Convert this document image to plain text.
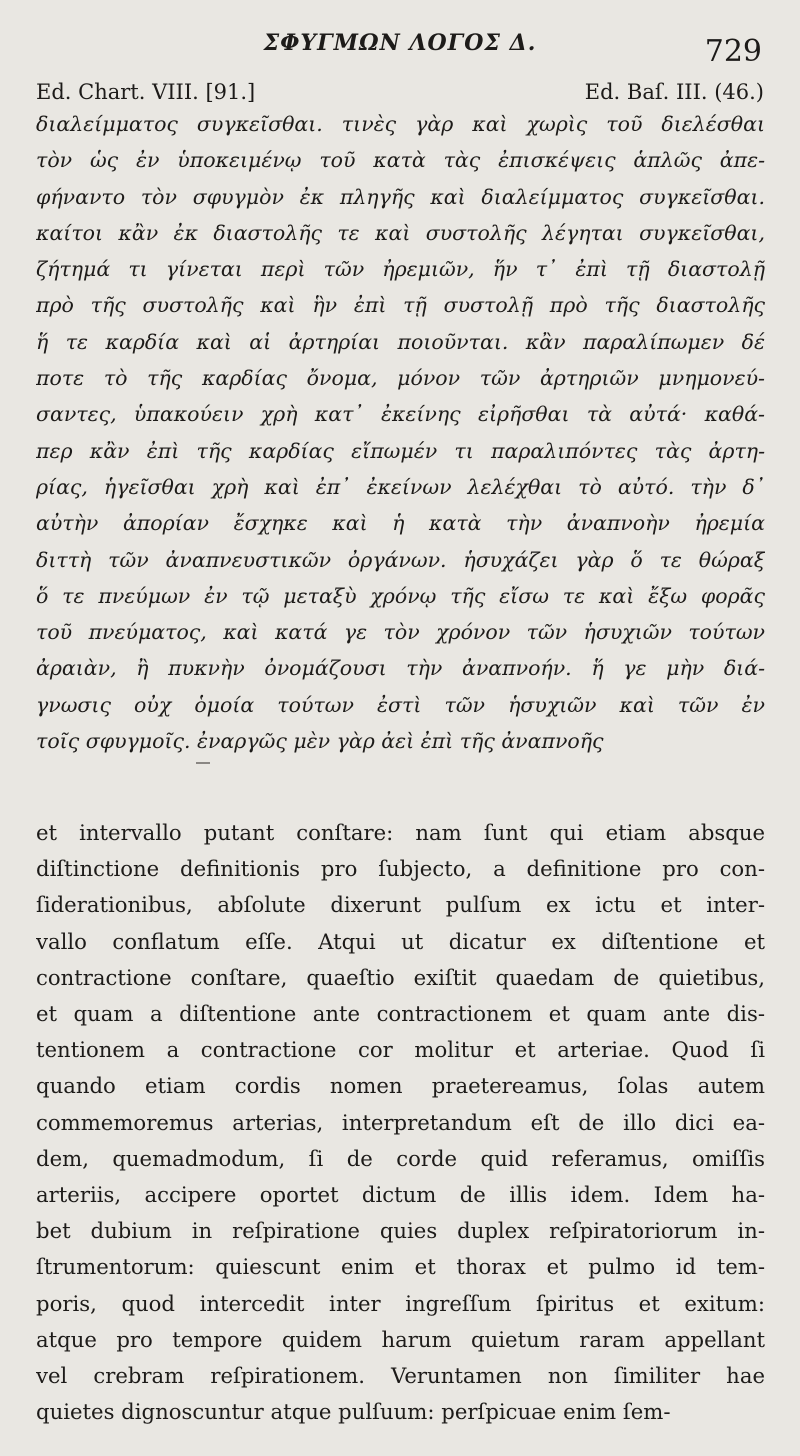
ΣΦΥΓΜΩΝ ΛΟΓΟΣ Δ.	729
Ed. Chart. VIII. [91.]	Ed. Baſ. III. (46.)
διαλείμματος συγκεῖσθαι. τινὲς γὰρ καὶ χωρὶς τοῦ διελέσθαι
τὸν ὡς ἐν ὑποκειμένῳ τοῦ κατὰ τὰς ἐπισκέψεις ἁπλῶς ἀπε-
φήναντο τὸν σφυγμὸν ἐκ πληγῆς καὶ διαλείμματος συγκεῖσθαι.
καίτοι κἂν ἐκ διαστολῆς τε καὶ συστολῆς λέγηται συγκεῖσθαι,
ζήτημά τι γίνεται περὶ τῶν ἠρεμιῶν, ἥν τ᾽ ἐπὶ τῇ διαστολῇ
πρὸ τῆς συστολῆς καὶ ἣν ἐπὶ τῇ συστολῇ πρὸ τῆς διαστολῆς
ἥ τε καρδία καὶ αἱ ἀρτηρίαι ποιοῦνται. κἂν παραλίπωμεν δέ
ποτε τὸ τῆς καρδίας ὄνομα, μόνον τῶν ἀρτηριῶν μνημονεύ-
σαντες, ὑπακούειν χρὴ κατ᾽ ἐκείνης εἰρῆσθαι τὰ αὐτά· καθά-
περ κἂν ἐπὶ τῆς καρδίας εἴπωμέν τι παραλιπόντες τὰς ἀρτη-
ρίας, ἡγεῖσθαι χρὴ καὶ ἐπ᾽ ἐκείνων λελέχθαι τὸ αὐτό. τὴν δ᾽
αὐτὴν ἀπορίαν ἔσχηκε καὶ ἡ κατὰ τὴν ἀναπνοὴν ἠρεμία
διττὴ τῶν ἀναπνευστικῶν ὀργάνων. ἡσυχάζει γὰρ ὅ τε θώραξ
ὅ τε πνεύμων ἐν τῷ μεταξὺ χρόνῳ τῆς εἴσω τε καὶ ἔξω φορᾶς
τοῦ πνεύματος, καὶ κατά γε τὸν χρόνον τῶν ἡσυχιῶν τούτων
ἀραιὰν, ἢ πυκνὴν ὀνομάζουσι τὴν ἀναπνοήν. ἥ γε μὴν διά-
γνωσις οὐχ ὁμοία τούτων ἐστὶ τῶν ἡσυχιῶν καὶ τῶν ἐν
τοῖς σφυγμοῖς. ἐναργῶς μὲν γὰρ ἀεὶ ἐπὶ τῆς ἀναπνοῆς
et intervallo putant conſtare: nam ſunt qui etiam absque
diſtinctione definitionis pro ſubjecto, a definitione pro con-
ſiderationibus, abſolute dixerunt pulſum ex ictu et inter-
vallo conflatum eſſe. Atqui ut dicatur ex diſtentione et
contractione conſtare, quaeſtio exiſtit quaedam de quietibus,
et quam a diſtentione ante contractionem et quam ante dis-
tentionem a contractione cor molitur et arteriae. Quod ſi
quando etiam cordis nomen praetereamus, ſolas autem
commemoremus arterias, interpretandum eſt de illo dici ea-
dem, quemadmodum, ſi de corde quid referamus, omiſſis
arteriis, accipere oportet dictum de illis idem. Idem ha-
bet dubium in reſpiratione quies duplex reſpiratoriorum in-
ſtrumentorum: quiescunt enim et thorax et pulmo id tem-
poris, quod intercedit inter ingreſſum ſpiritus et exitum:
atque pro tempore quidem harum quietum raram appellant
vel crebram reſpirationem. Veruntamen non ſimiliter hae
quietes dignoscuntur atque pulſuum: perſpicuae enim ſem-
